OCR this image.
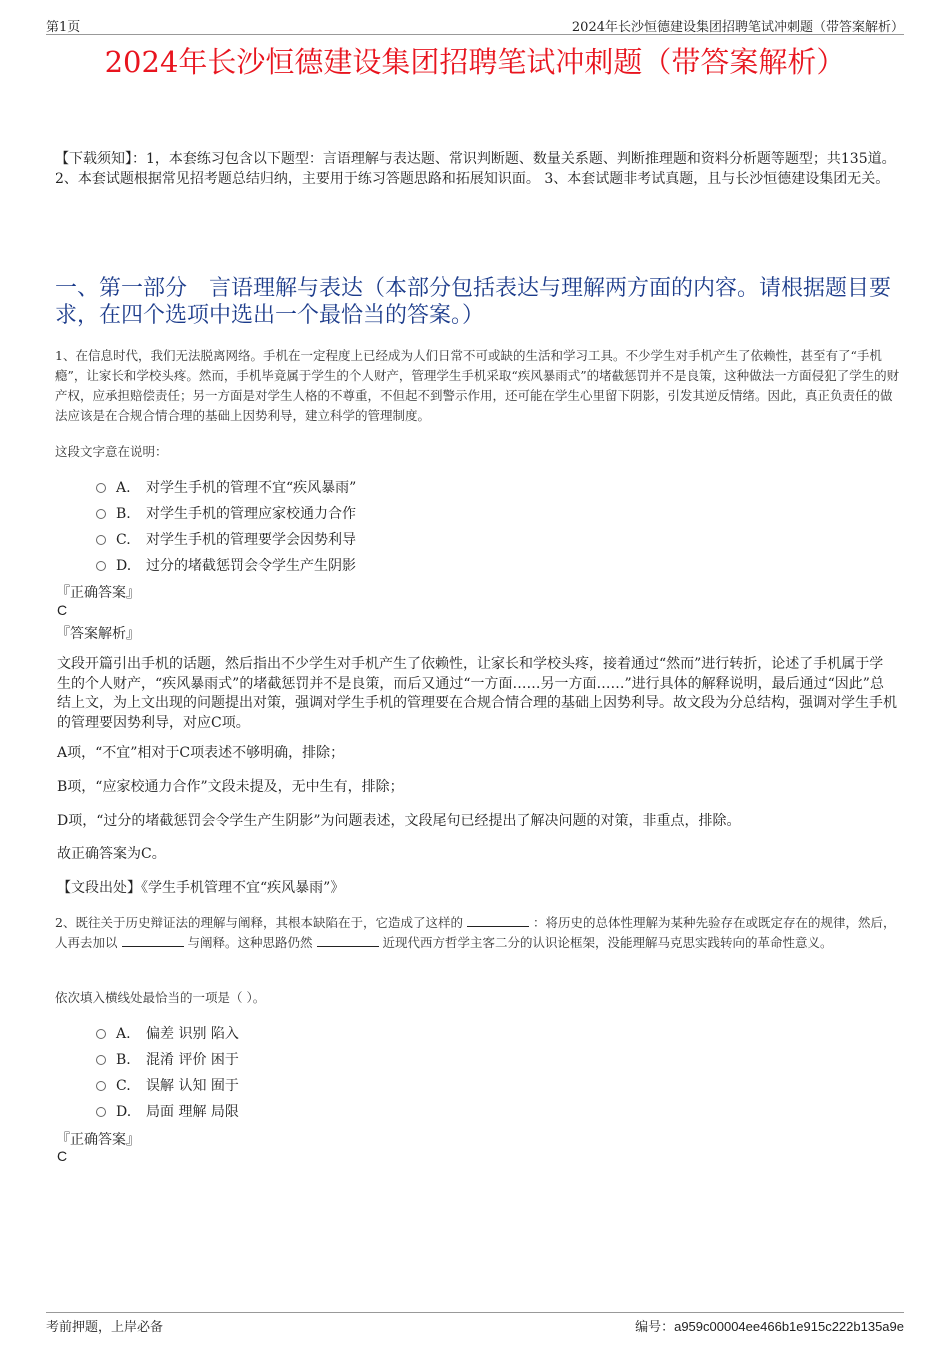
第1页	2024年长沙恒德建设集团招聘笔试冲刺题（带答案解析）
2024年长沙恒德建设集团招聘笔试冲刺题（带答案解析）
【下载须知】：1，本套练习包含以下题型：言语理解与表达题、常识判断题、数量关系题、判断推理题和资料分析题等题型；共135道。 2、本套试题根据常见招考题总结归纳，主要用于练习答题思路和拓展知识面。 3、本套试题非考试真题，且与长沙恒德建设集团无关。
一、第一部分　言语理解与表达（本部分包括表达与理解两方面的内容。请根据题目要求，在四个选项中选出一个最恰当的答案。）
1、在信息时代，我们无法脱离网络。手机在一定程度上已经成为人们日常不可或缺的生活和学习工具。不少学生对手机产生了依赖性，甚至有了“手机瘾”，让家长和学校头疼。然而，手机毕竟属于学生的个人财产，管理学生手机采取“疾风暴雨式”的堵截惩罚并不是良策，这种做法一方面侵犯了学生的财产权，应承担赔偿责任；另一方面是对学生人格的不尊重，不但起不到警示作用，还可能在学生心里留下阴影，引发其逆反情绪。因此，真正负责任的做法应该是在合规合情合理的基础上因势利导，建立科学的管理制度。
这段文字意在说明：
A. 对学生手机的管理不宜“疾风暴雨”
B. 对学生手机的管理应家校通力合作
C. 对学生手机的管理要学会因势利导
D. 过分的堵截惩罚会令学生产生阴影
『正确答案』
C
『答案解析』
文段开篇引出手机的话题，然后指出不少学生对手机产生了依赖性，让家长和学校头疼，接着通过“然而”进行转折，论述了手机属于学生的个人财产，“疾风暴雨式”的堵截惩罚并不是良策，而后又通过“一方面……另一方面……”进行具体的解释说明，最后通过“因此”总结上文，为上文出现的问题提出对策，强调对学生手机的管理要在合规合情合理的基础上因势利导。故文段为分总结构，强调对学生手机的管理要因势利导，对应C项。
A项，“不宜”相对于C项表述不够明确，排除；
B项，“应家校通力合作”文段未提及，无中生有，排除；
D项，“过分的堵截惩罚会令学生产生阴影”为问题表述，文段尾句已经提出了解决问题的对策，非重点，排除。
故正确答案为C。
【文段出处】《学生手机管理不宜“疾风暴雨”》
2、既往关于历史辩证法的理解与阐释，其根本缺陷在于，它造成了这样的	：将历史的总体性理解为某种先验存在或既定存在的规律，然后，人再去加以	与阐释。这种思路仍然	近现代西方哲学主客二分的认识论框架，没能理解马克思实践转向的革命性意义。
依次填入横线处最恰当的一项是（ ）。
A. 偏差 识别 陷入
B. 混淆 评价 困于
C. 误解 认知 囿于
D. 局面 理解 局限
『正确答案』
C
考前押题，上岸必备	编号：a959c00004ee466b1e915c222b135a9e
